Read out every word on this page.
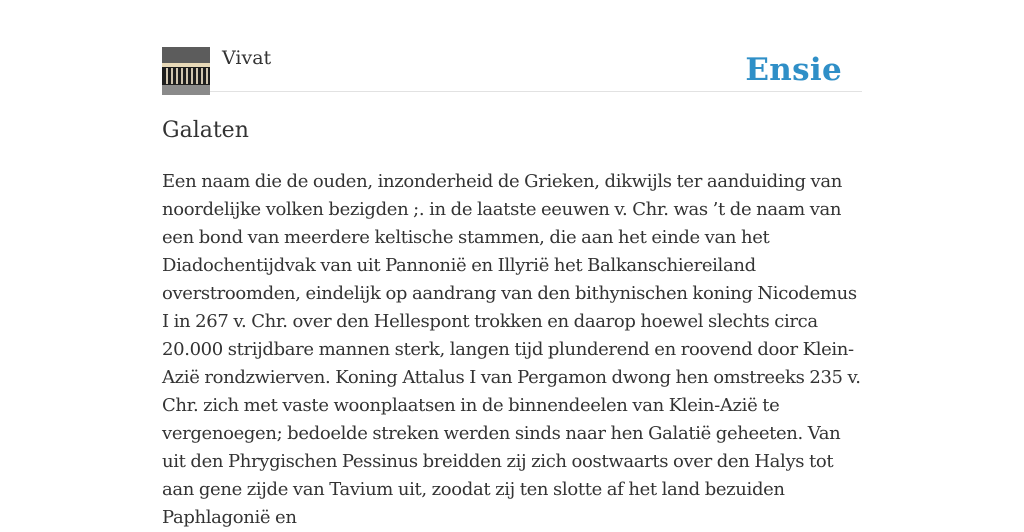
Vivat	Ensie
Galaten

Een naam die de ouden, inzonderheid de Grieken, dikwijls ter aanduiding van noordelijke volken bezigden ;. in de laatste eeuwen v. Chr. was ’t de naam van een bond van meerdere keltische stammen, die aan het einde van het Diadochentijdvak van uit Pannonië en Illyrië het Balkanschiereiland overstroomden, eindelijk op aandrang van den bithynischen koning Nicodemus I in 267 v. Chr. over den Hellespont trokken en daarop hoewel slechts circa 20.000 strijdbare mannen sterk, langen tijd plunderend en roovend door Klein-Azië rondzwierven. Koning Attalus I van Pergamon dwong hen omstreeks 235 v. Chr. zich met vaste woonplaatsen in de binnendeelen van Klein-Azië te vergenoegen; bedoelde streken werden sinds naar hen Galatië geheeten. Van uit den Phrygischen Pessinus breidden zij zich oostwaarts over den Halys tot aan gene zijde van Tavium uit, zoodat zij ten slotte af het land bezuiden Paphlagonië en
